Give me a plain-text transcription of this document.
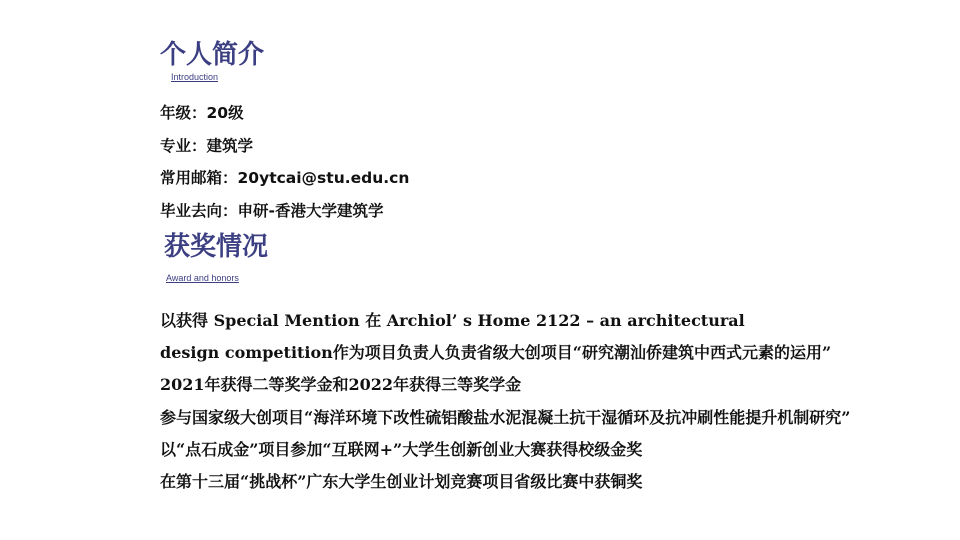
个人简介
Introduction
年级：20级
专业：建筑学
常用邮箱：20ytcai@stu.edu.cn
毕业去向：申研-香港大学建筑学
获奖情况
Award and honors
以获得 Special Mention 在 Archiol’ s Home 2122 – an architectural
design competition作为项目负责人负责省级大创项目“研究潮汕侨建筑中西式元素的运用”
2021年获得二等奖学金和2022年获得三等奖学金
参与国家级大创项目“海洋环境下改性硫铝酸盐水泥混凝土抗干湿循环及抗冲刷性能提升机制研究”
以“点石成金”项目参加“互联网+”大学生创新创业大赛获得校级金奖
在第十三届“挑战杯”广东大学生创业计划竞赛项目省级比赛中获铜奖
